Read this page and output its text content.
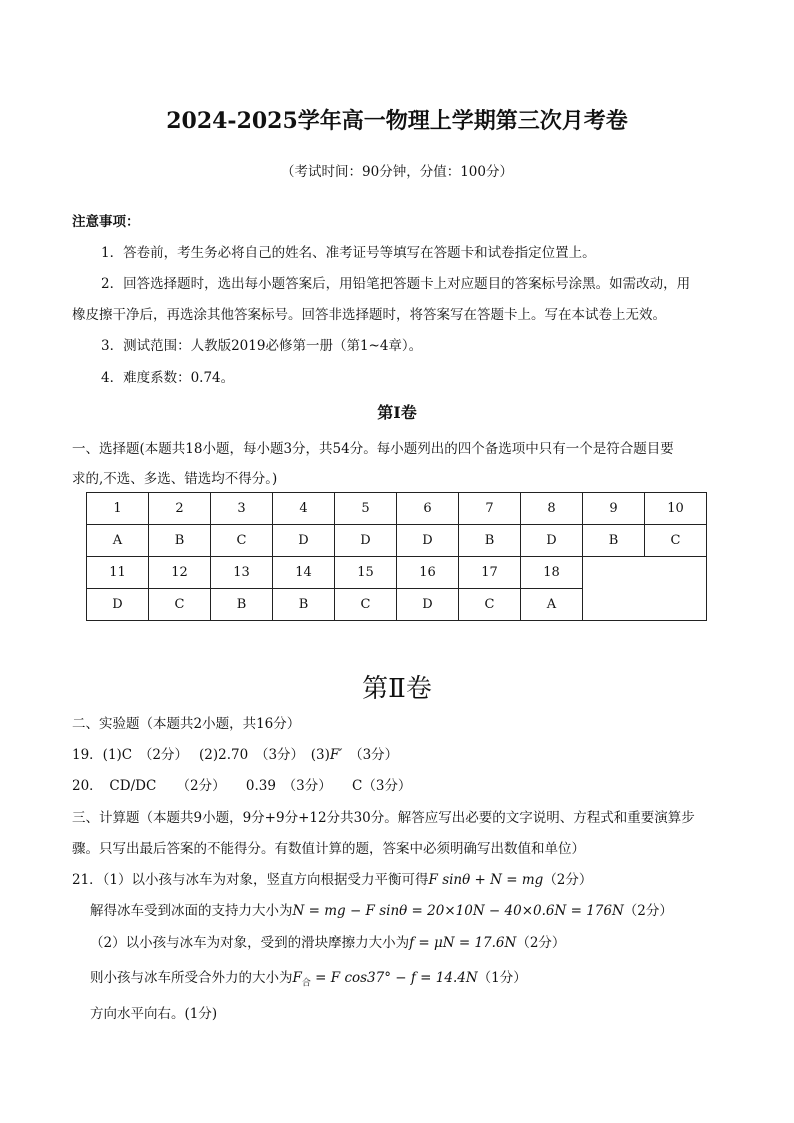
2024-2025学年高一物理上学期第三次月考卷
（考试时间：90分钟，分值：100分）
注意事项：
1．答卷前，考生务必将自己的姓名、准考证号等填写在答题卡和试卷指定位置上。
2．回答选择题时，选出每小题答案后，用铅笔把答题卡上对应题目的答案标号涂黑。如需改动，用
橡皮擦干净后，再选涂其他答案标号。回答非选择题时，将答案写在答题卡上。写在本试卷上无效。
3．测试范围：人教版2019必修第一册（第1~4章）。
4．难度系数：0.74。
第Ⅰ卷
一、选择题(本题共18小题，每小题3分，共54分。每小题列出的四个备选项中只有一个是符合题目要
求的,不选、多选、错选均不得分。)
1	2	3	4	5	6	7	8	9	10
A	B	C	D	D	D	B	D	B	C
11	12	13	14	15	16	17	18		
D	C	B	B	C	D	C	A		
第Ⅱ卷
二、实验题（本题共2小题，共16分）
19．(1)C　（2分）　 (2)2.70　（3分）　(3)F′　 （3分）
20．　CD/DC　　（2分）　　0.39　（3分）　　C（3分）
三、计算题（本题共9小题，9分+9分+12分共30分。解答应写出必要的文字说明、方程式和重要演算步
骤。只写出最后答案的不能得分。有数值计算的题，答案中必须明确写出数值和单位）
21．（1）以小孩与冰车为对象，竖直方向根据受力平衡可得F sinθ + N = mg（2分）
解得冰车受到冰面的支持力大小为N = mg − F sinθ = 20×10N − 40×0.6N = 176N（2分）
（2）以小孩与冰车为对象，受到的滑块摩擦力大小为f = μN = 17.6N（2分）
则小孩与冰车所受合外力的大小为$F_合 = F$ cos37° − f = 14.4N（1分）
方向水平向右。(1分)
